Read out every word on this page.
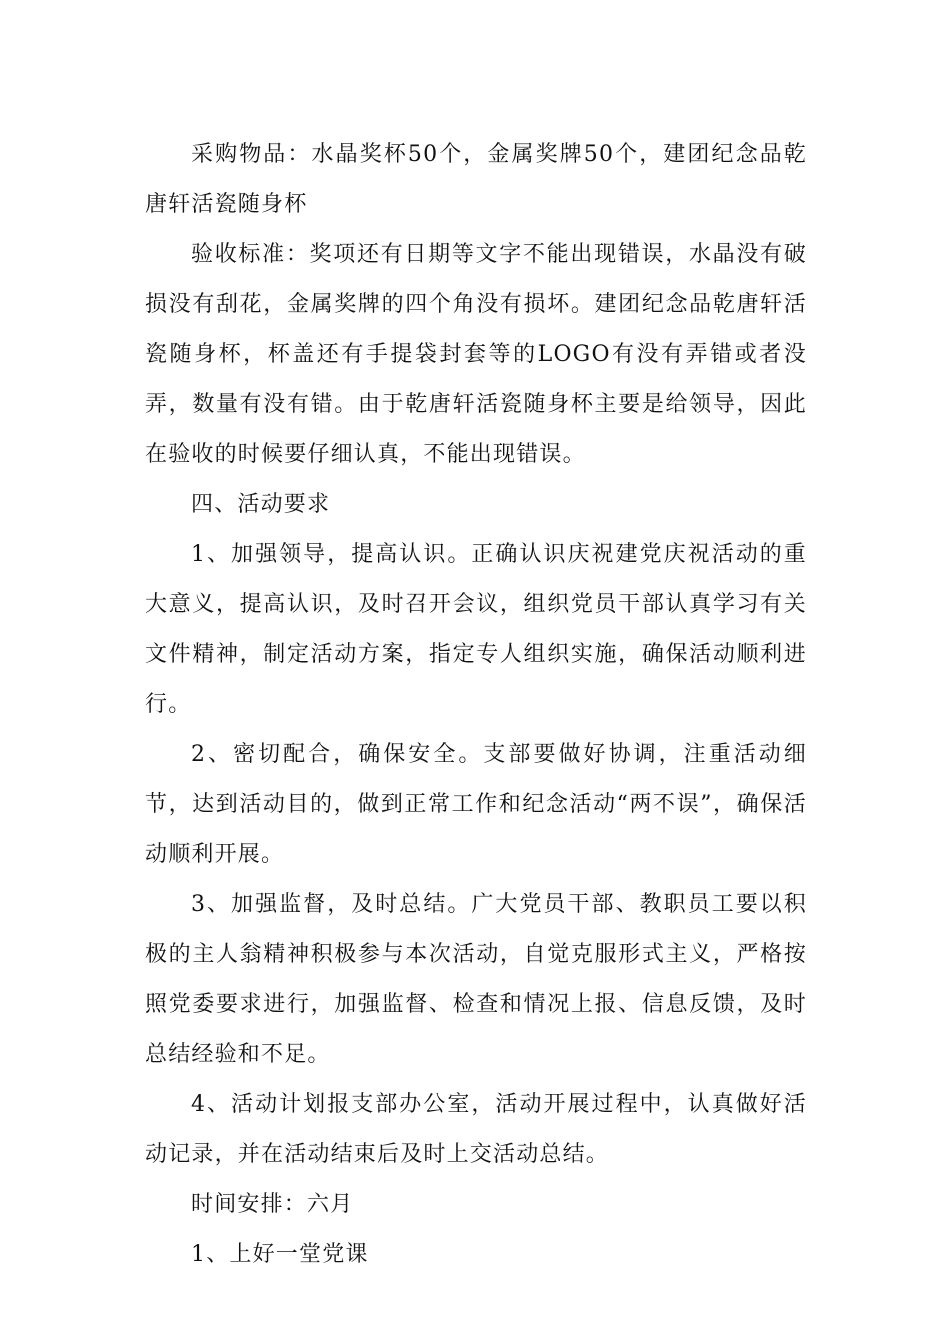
采购物品：水晶奖杯50个，金属奖牌50个，建团纪念品乾唐轩活瓷随身杯

验收标准：奖项还有日期等文字不能出现错误，水晶没有破损没有刮花，金属奖牌的四个角没有损坏。建团纪念品乾唐轩活瓷随身杯，杯盖还有手提袋封套等的LOGO有没有弄错或者没弄，数量有没有错。由于乾唐轩活瓷随身杯主要是给领导，因此在验收的时候要仔细认真，不能出现错误。

四、活动要求

1、加强领导，提高认识。正确认识庆祝建党庆祝活动的重大意义，提高认识，及时召开会议，组织党员干部认真学习有关文件精神，制定活动方案，指定专人组织实施，确保活动顺利进行。

2、密切配合，确保安全。支部要做好协调，注重活动细节，达到活动目的，做到正常工作和纪念活动“两不误”，确保活动顺利开展。

3、加强监督，及时总结。广大党员干部、教职员工要以积极的主人翁精神积极参与本次活动，自觉克服形式主义，严格按照党委要求进行，加强监督、检查和情况上报、信息反馈，及时总结经验和不足。

4、活动计划报支部办公室，活动开展过程中，认真做好活动记录，并在活动结束后及时上交活动总结。

时间安排：六月

1、上好一堂党课
